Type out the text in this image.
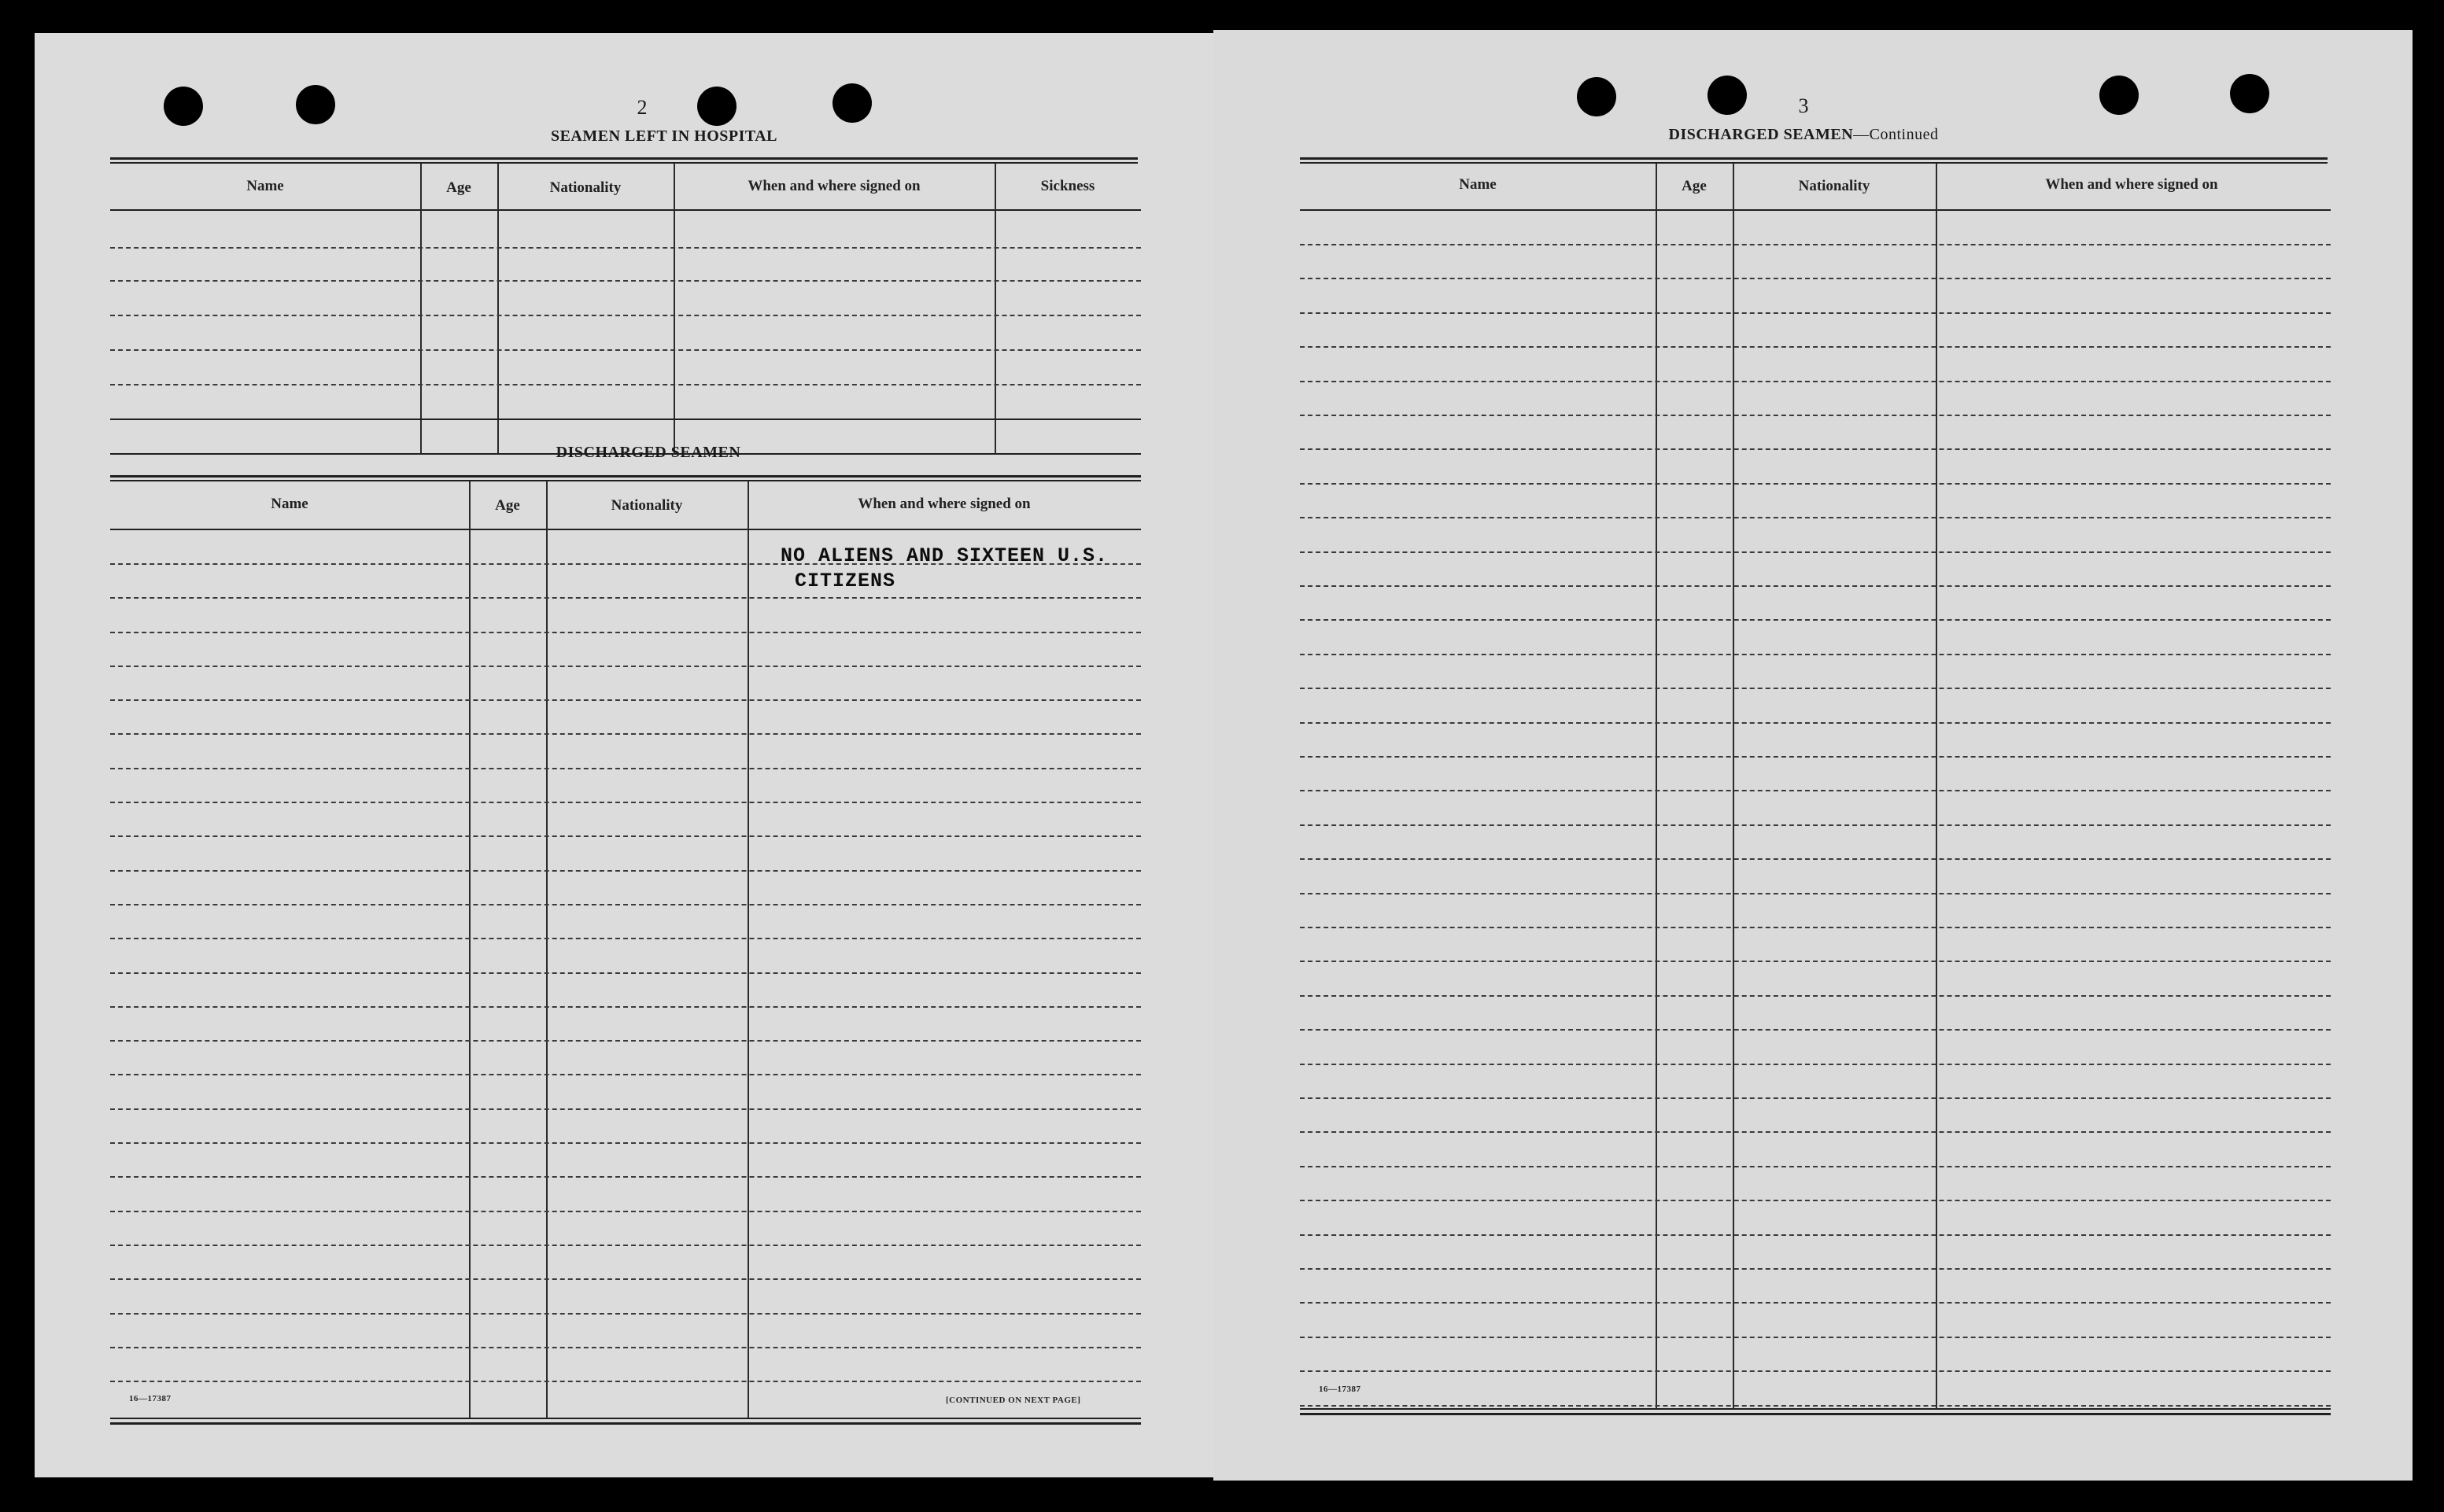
2
SEAMEN LEFT IN HOSPITAL
Name	Age	Nationality	When and where signed on	Sickness
DISCHARGED SEAMEN
Name	Age	Nationality	When and where signed on
NO ALIENS AND SIXTEEN U.S.
CITIZENS
16—17387	[CONTINUED ON NEXT PAGE]
3
DISCHARGED SEAMEN—Continued
Name	Age	Nationality	When and where signed on
16—17387
